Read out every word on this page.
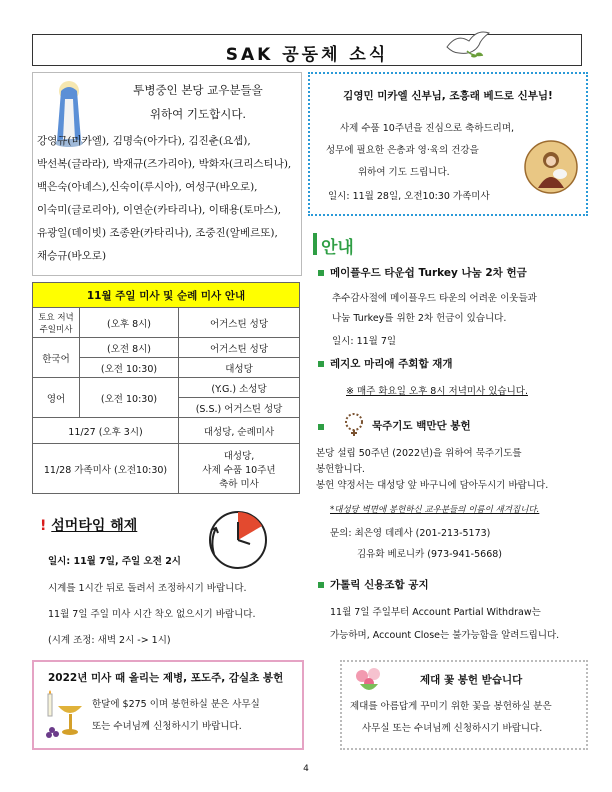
SAK 공동체 소식
투병중인 본당 교우분들을
위하여 기도합시다.
강영규(미카엘), 김명숙(아가다), 김진춘(요셉),
박선복(글라라), 박재규(즈가리아), 박화자(크리스티나),
백은숙(아녜스),신숙이(루시아), 여성구(바오로),
이숙미(글로리아), 이연순(카타리나), 이태용(토마스),
유광일(데이빗) 조종완(카타리나), 조중진(알베르또),
채승규(바오로)
김영민 미카엘 신부님, 조흥래 베드로 신부님!
사제 수품 10주년을 진심으로 축하드리며,
성무에 필요한 은총과 영·육의 건강을
위하여 기도 드립니다.
일시: 11월 28일, 오전10:30 가족미사
안내
메이플우드 타운쉽 Turkey 나눔 2차 헌금
추수감사절에 메이플우드 타운의 어려운 이웃들과
나눔 Turkey를 위한 2차 헌금이 있습니다.
일시: 11월 7일
레지오 마리애 주회합 재개
※ 매주 화요일 오후 8시 저녁미사 있습니다.
묵주기도 백만단 봉헌
본당 설립 50주년 (2022년)을 위하여 묵주기도를
봉헌합니다.
봉헌 약정서는 대성당 앞 바구니에 담아두시기 바랍니다.
*대성당 벽면에 봉헌하신 교우분들의 이름이 새겨집니다.
문의: 최은영 데레사 (201-213-5173)
김유화 베로니카 (973-941-5668)
가톨릭 신용조합 공지
11월 7일 주일부터 Account Partial Withdraw는
가능하며, Account Close는 불가능함을 알려드립니다.
11월 주일 미사 및 순례 미사 안내		
토요 저녁 주일미사	(오후 8시)	어거스틴 성당
한국어	(오전 8시)	어거스틴 성당
	(오전 10:30)	대성당
영어	(오전 10:30)	(Y.G.) 소성당
		(S.S.) 어거스틴 성당
11/27 (오후 3시)		대성당, 순례미사
11/28 가족미사 (오전10:30)		대성당,
사제 수품 10주년
축하 미사
! 섬머타임 해제
일시: 11월 7일, 주일 오전 2시
시계를 1시간 뒤로 돌려서 조정하시기 바랍니다.
11월 7일 주일 미사 시간 착오 없으시기 바랍니다.
(시계 조정: 새벽 2시 -> 1시)
2022년 미사 때 올리는 제병, 포도주, 감실초 봉헌
한달에 $275 이며 봉헌하실 분은 사무실
또는 수녀님께 신청하시기 바랍니다.
제대 꽃 봉헌 받습니다
제대를 아름답게 꾸미기 위한 꽃을 봉헌하실 분은
사무실 또는 수녀님께 신청하시기 바랍니다.
4
